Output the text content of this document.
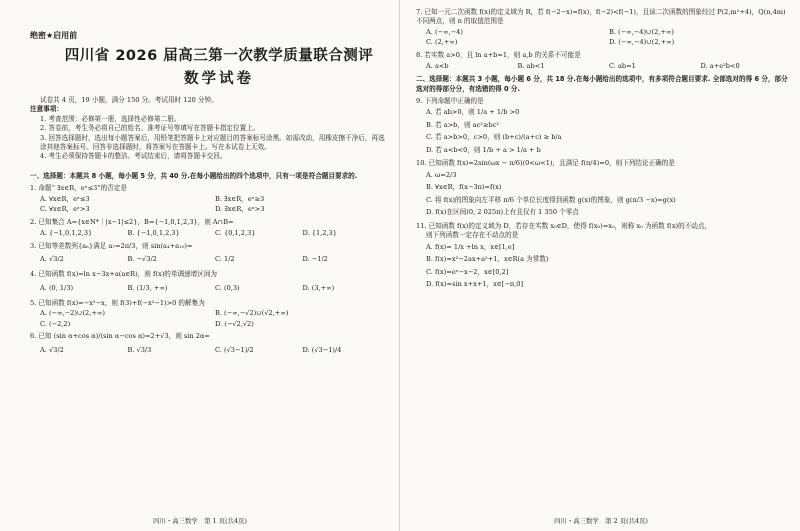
绝密★启用前
四川省 2026 届高三第一次教学质量联合测评
数学试卷
试卷共 4 页，19 小题，满分 150 分。考试用时 120 分钟。
注意事项：
1. 考查范围：必修第一册，选择性必修第二册。
2. 答卷前，考生务必将自己的姓名、准考证号等填写在答题卡指定位置上。
3. 回答选择题时，选出每小题答案后，用铅笔把答题卡上对应题目的答案标号涂黑。如需改动，用橡皮擦干净后，再选涂其他答案标号。回答非选择题时，将答案写在答题卡上。写在本试卷上无效。
4. 考生必须保持答题卡的整洁。考试结束后，请将答题卡交回。
一、选择题：本题共 8 小题，每小题 5 分，共 40 分.在每小题给出的四个选项中，只有一项是符合题目要求的.
1. 命题“ ∃x∈R，eˣ≤3”的否定是
A. ∀x∈R，eˣ≤3	B. ∃x∈R，eˣ≥3
C. ∀x∈R，eˣ>3	D. ∃x∈R，eˣ>3
2. 已知集合 A={x∈N*｜|x−1|≤2}，B={−1,0,1,2,3}，则 A∩B=
A. {−1,0,1,2,3}	B. {−1,0,1,2,3}	C. {0,1,2,3}	D. {1,2,3}
3. 已知等差数列{aₙ}满足 a₇=2π/3，则 sin(a₄+a₁₀)=
A. √3/2	B. −√3/2	C. 1/2	D. −1/2
4. 已知函数 f(x)=ln x−3x+a(a∈R)，则 f(x)的单调递增区间为
A. (0, 1/3)	B. (1/3, +∞)	C. (0,3)	D. (3,+∞)
5. 已知函数 f(x)=−x³−x，则 f(3)+f(−x²−1)>0 的解集为
A. (−∞,−2)∪(2,+∞)	B. (−∞,−√2)∪(√2,+∞)
C. (−2,2)	D. (−√2,√2)
6. 已知 (sin α+cos α)/(sin α−cos α)=2+√3，则 sin 2α=
A. √3/2	B. √3/3	C. (√3−1)/2	D. (√3−1)/4
四川・高三数学　第 1 页(共4页)
7. 已知一元二次函数 f(x)的定义域为 R，若 f(−2−x)=f(x)，f(−2)<f(−1)，且该二次函数的图象经过 P(2,m²+4)，Q(n,4m)不同两点，则 n 的取值范围是
A. (−∞,−4)	B. (−∞,−4)∪(2,+∞)
C. (2,+∞)	D. (−∞,−4)∪(2,+∞)
8. 若实数 a>0，且 ln a+b=1，则 a,b 的关系不可能是
A. a<b	B. ab<1	C. ab=1	D. a+e²b<0
二、选择题：本题共 3 小题，每小题 6 分，共 18 分.在每小题给出的选项中，有多项符合题目要求. 全部选对的得 6 分，部分选对的得部分分，有选错的得 0 分.
9. 下列命题中正确的是
A. 若 ab>0，则 1/a + 1/b >0
B. 若 a>b，则 ac²≥bc²
C. 若 a>b>0，c>0，则 (b+c)/(a+c) ≥ b/a
D. 若 a<b<0，则 1/b + a > 1/a + b
10. 已知函数 f(x)=2sin(ωx − π/6)(0<ω<1)，且满足 f(π/4)=0，则下列结论正确的是
A. ω=2/3
B. ∀x∈R，f(x−3π)=f(x)
C. 将 f(x)的图象向左平移 π/6 个单位长度得到函数 g(x)的图象，则 g(π/3 −x)=g(x)
D. f(x)在区间(0, 2 025π)上有且仅有 1 350 个零点
11. 已知函数 f(x)的定义域为 D，若存在实数 x₀∈D，使得 f(x₀)=x₀，则称 x₀ 为函数 f(x)的不动点，
则下列函数一定存在不动点的是
A. f(x)= 1/x +ln x，x∈[1,e]
B. f(x)=x²−2ax+a²+1，x∈R(a 为常数)
C. f(x)=eˣ−x−2，x∈[0,2]
D. f(x)=sin x+x+1，x∈[−π,0]
四川・高三数学　第 2 页(共4页)
